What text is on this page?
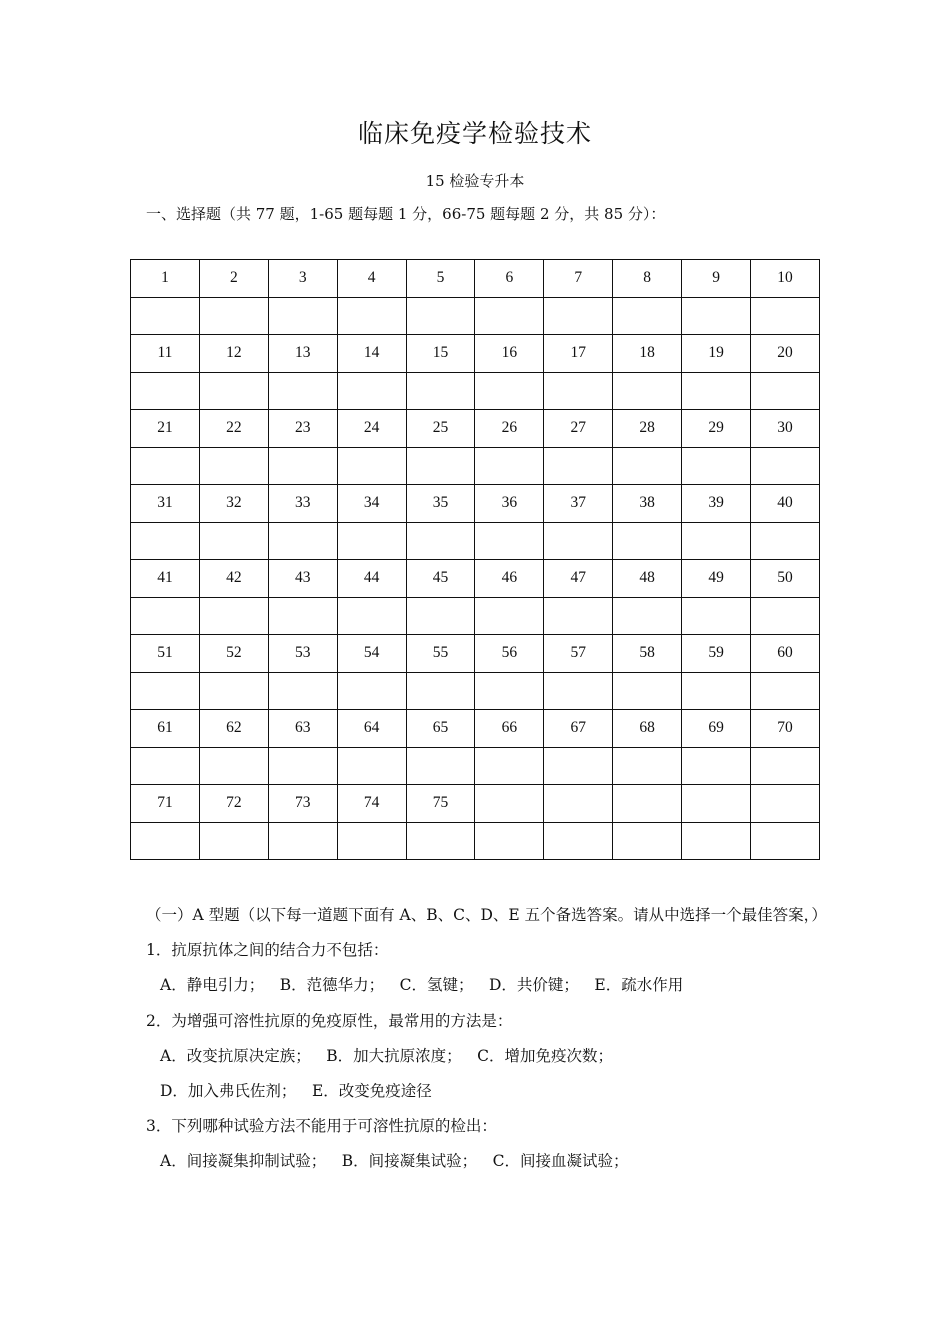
临床免疫学检验技术
15 检验专升本
一、选择题（共 77 题，1-65 题每题 1 分，66-75 题每题 2 分，共 85 分）：
1	2	3	4	5	6	7	8	9	10

11	12	13	14	15	16	17	18	19	20

21	22	23	24	25	26	27	28	29	30

31	32	33	34	35	36	37	38	39	40

41	42	43	44	45	46	47	48	49	50

51	52	53	54	55	56	57	58	59	60

61	62	63	64	65	66	67	68	69	70

71	72	73	74	75					

（一）A 型题（以下每一道题下面有 A、B、C、D、E 五个备选答案。请从中选择一个最佳答案，）

1．抗原抗体之间的结合力不包括：

A．静电引力； B．范德华力； C．氢键； D．共价键； E．疏水作用

2．为增强可溶性抗原的免疫原性，最常用的方法是：

A．改变抗原决定族； B．加大抗原浓度； C．增加免疫次数；

D．加入弗氏佐剂； E．改变免疫途径

3．下列哪种试验方法不能用于可溶性抗原的检出：

A．间接凝集抑制试验； B．间接凝集试验； C．间接血凝试验；
